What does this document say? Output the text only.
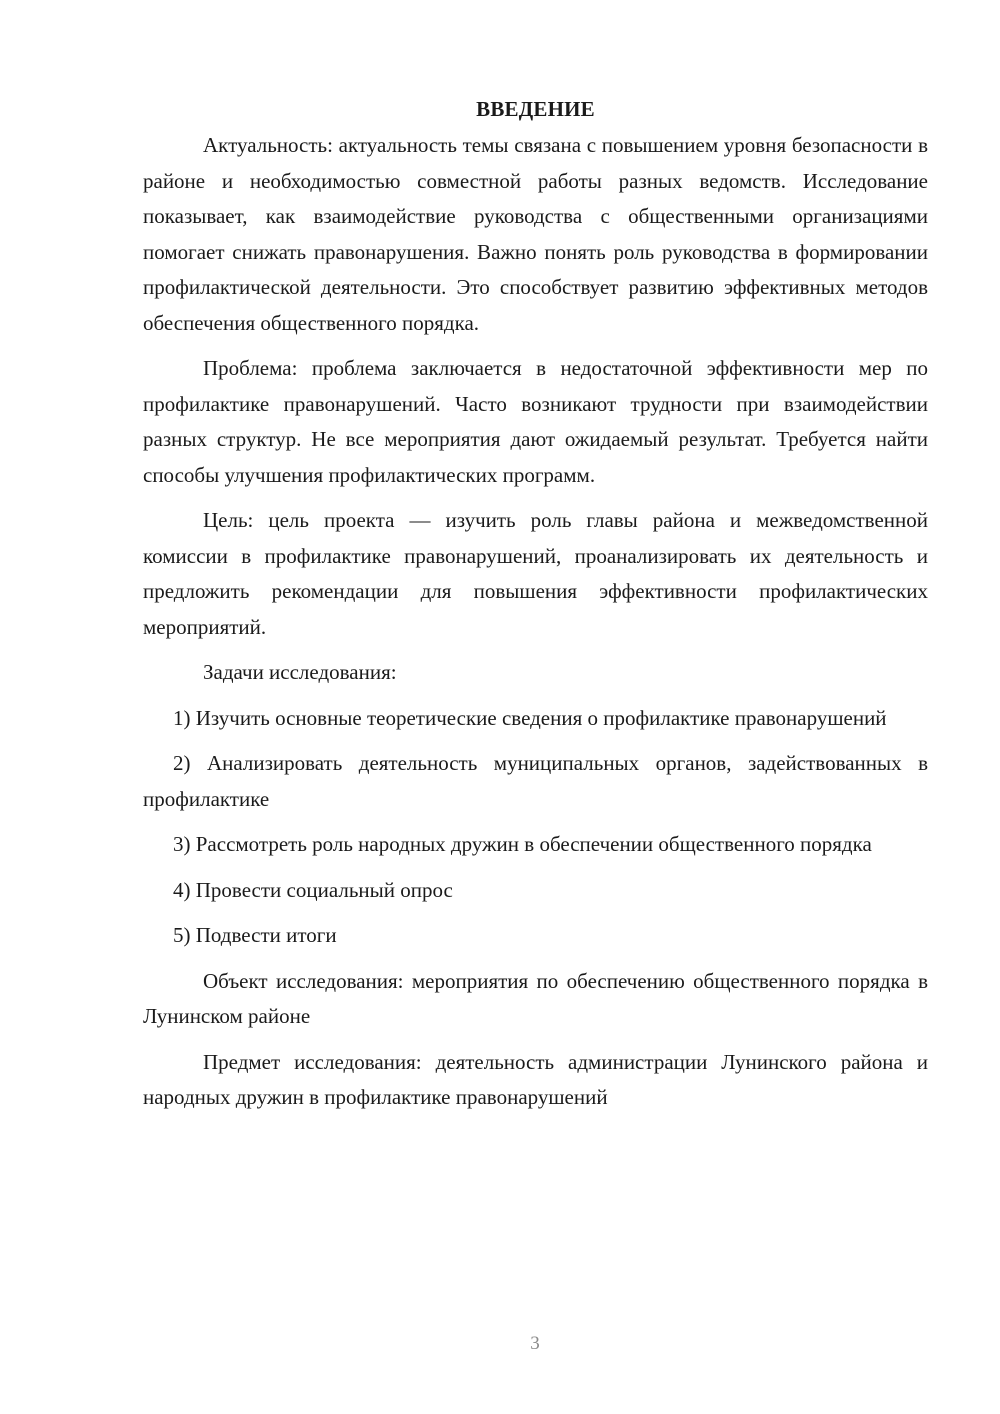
ВВЕДЕНИЕ

Актуальность: актуальность темы связана с повышением уровня безопасности в районе и необходимостью совместной работы разных ведомств. Исследование показывает, как взаимодействие руководства с общественными организациями помогает снижать правонарушения. Важно понять роль руководства в формировании профилактической деятельности. Это способствует развитию эффективных методов обеспечения общественного порядка.

Проблема: проблема заключается в недостаточной эффективности мер по профилактике правонарушений. Часто возникают трудности при взаимодействии разных структур. Не все мероприятия дают ожидаемый результат. Требуется найти способы улучшения профилактических программ.

Цель: цель проекта — изучить роль главы района и межведомственной комиссии в профилактике правонарушений, проанализировать их деятельность и предложить рекомендации для повышения эффективности профилактических мероприятий.

Задачи исследования:

1) Изучить основные теоретические сведения о профилактике правонарушений

2) Анализировать деятельность муниципальных органов, задействованных в профилактике

3) Рассмотреть роль народных дружин в обеспечении общественного порядка

4) Провести социальный опрос

5) Подвести итоги

Объект исследования: мероприятия по обеспечению общественного порядка в Лунинском районе

Предмет исследования: деятельность администрации Лунинского района и народных дружин в профилактике правонарушений

3
